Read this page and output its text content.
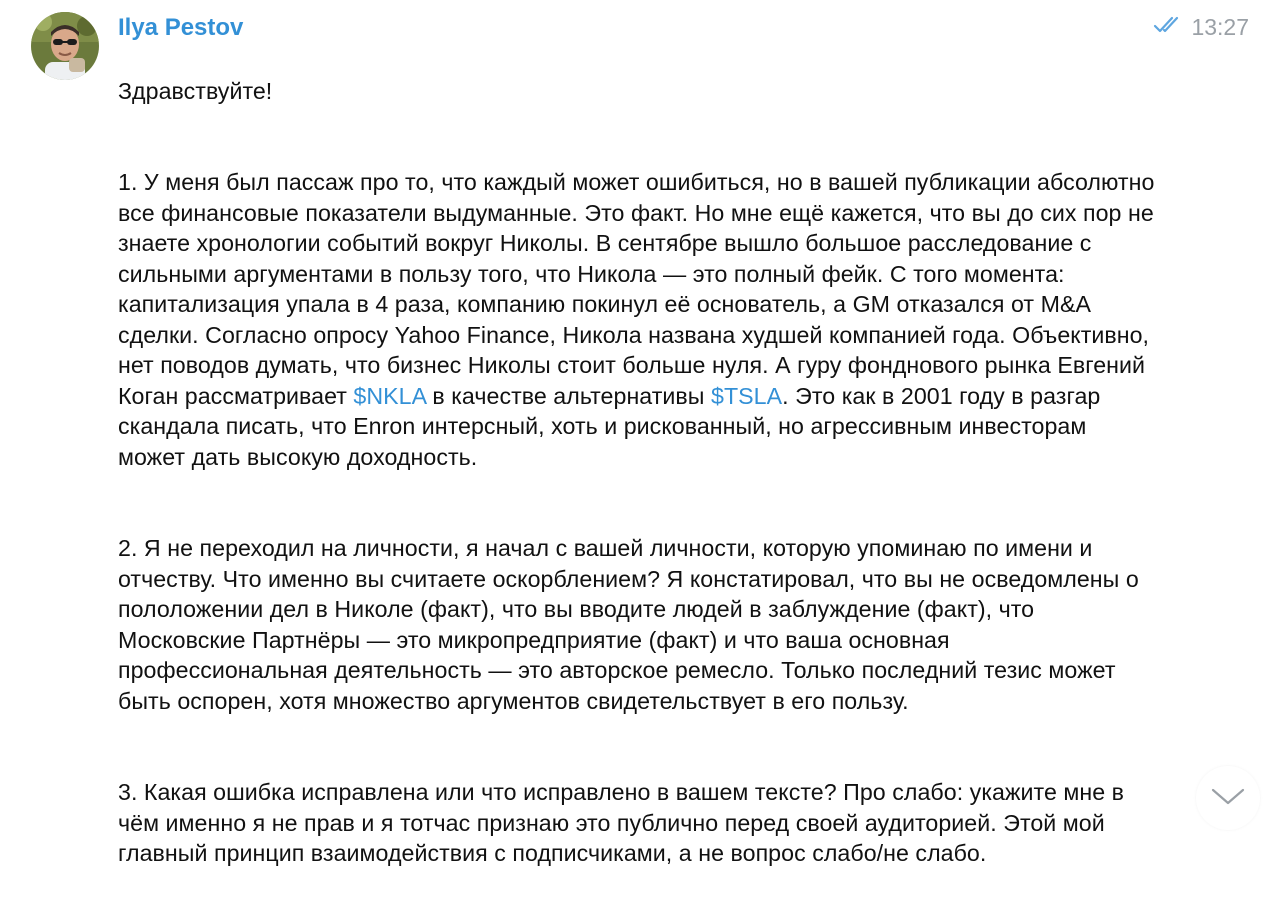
Ilya Pestov	13:27

Здравствуйте!

1. У меня был пассаж про то, что каждый может ошибиться, но в вашей публикации абсолютно все финансовые показатели выдуманные. Это факт. Но мне ещё кажется, что вы до сих пор не знаете хронологии событий вокруг Николы. В сентябре вышло большое расследование с сильными аргументами в пользу того, что Никола — это полный фейк. С того момента: капитализация упала в 4 раза, компанию покинул её основатель, а GM отказался от M&A сделки. Согласно опросу Yahoo Finance, Никола названа худшей компанией года. Объективно, нет поводов думать, что бизнес Николы стоит больше нуля. А гуру фонднового рынка Евгений Коган рассматривает $NKLA в качестве альтернативы $TSLA. Это как в 2001 году в разгар скандала писать, что Enron интерсный, хоть и рискованный, но агрессивным инвесторам может дать высокую доходность.

2. Я не переходил на личности, я начал с вашей личности, которую упоминаю по имени и отчеству. Что именно вы считаете оскорблением? Я констатировал, что вы не осведомлены о пололожении дел в Николе (факт), что вы вводите людей в заблуждение (факт), что Московские Партнёры — это микропредприятие (факт) и что ваша основная профессиональная деятельность — это авторское ремесло. Только последний тезис может быть оспорен, хотя множество аргументов свидетельствует в его пользу.

3. Какая ошибка исправлена или что исправлено в вашем тексте? Про слабо: укажите мне в чём именно я не прав и я тотчас признаю это публично перед своей аудиторией. Этой мой главный принцип взаимодействия с подписчиками, а не вопрос слабо/не слабо.
